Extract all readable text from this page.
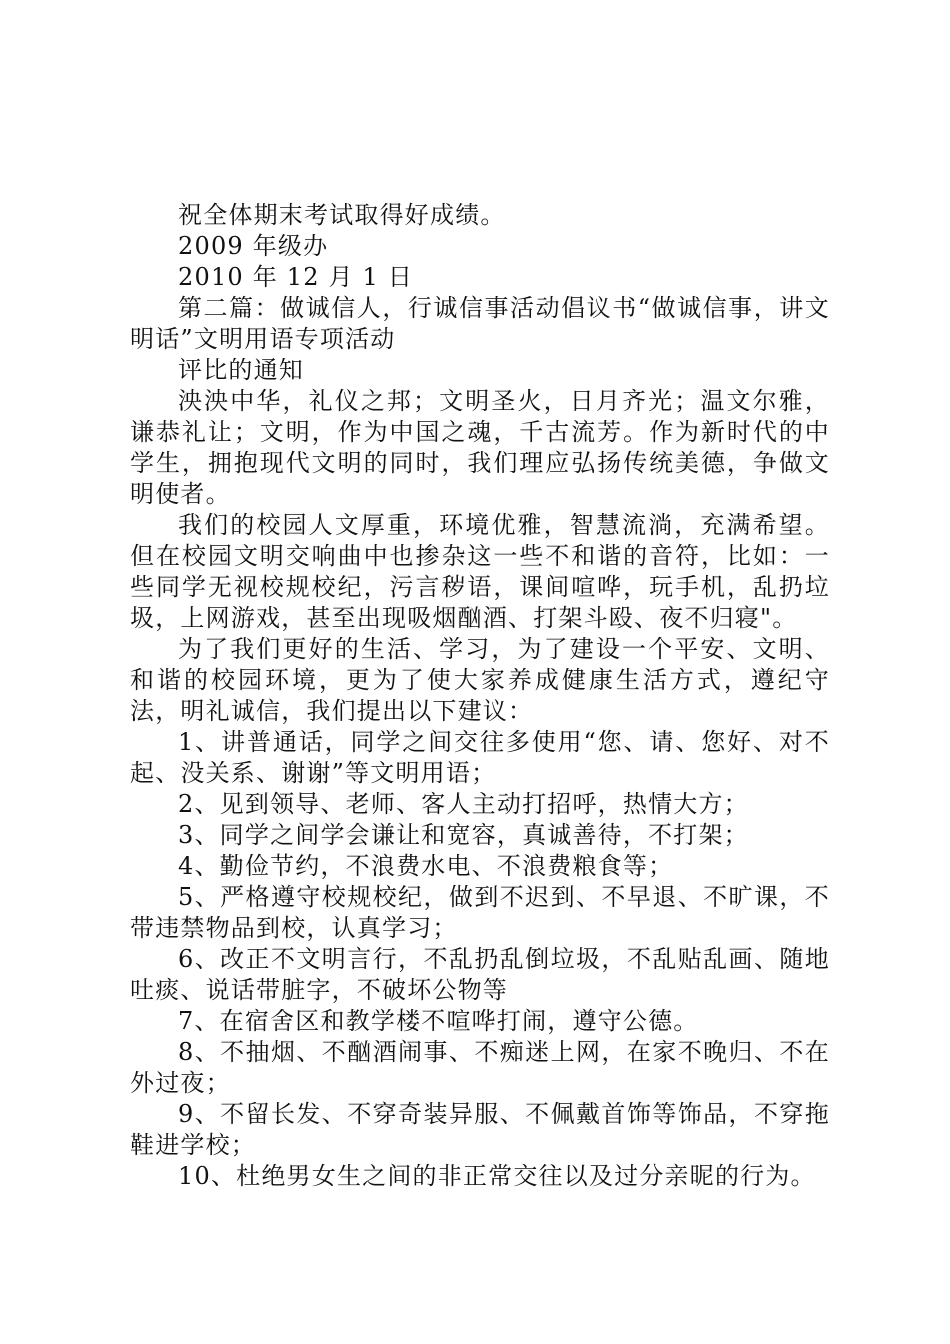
祝全体期末考试取得好成绩。
2009 年级办
2010 年 12 月 1 日

第二篇：做诚信人，行诚信事活动倡议书“做诚信事，讲文明话”文明用语专项活动

评比的通知

泱泱中华，礼仪之邦；文明圣火，日月齐光；温文尔雅，谦恭礼让；文明，作为中国之魂，千古流芳。作为新时代的中学生，拥抱现代文明的同时，我们理应弘扬传统美德，争做文明使者。

我们的校园人文厚重，环境优雅，智慧流淌，充满希望。但在校园文明交响曲中也掺杂这一些不和谐的音符，比如：一些同学无视校规校纪，污言秽语，课间喧哗，玩手机，乱扔垃圾，上网游戏，甚至出现吸烟酗酒、打架斗殴、夜不归寝"。

为了我们更好的生活、学习，为了建设一个平安、文明、和谐的校园环境，更为了使大家养成健康生活方式，遵纪守法，明礼诚信，我们提出以下建议：

1、讲普通话，同学之间交往多使用“您、请、您好、对不起、没关系、谢谢”等文明用语；

2、见到领导、老师、客人主动打招呼，热情大方；

3、同学之间学会谦让和宽容，真诚善待，不打架；

4、勤俭节约，不浪费水电、不浪费粮食等；

5、严格遵守校规校纪，做到不迟到、不早退、不旷课，不带违禁物品到校，认真学习；

6、改正不文明言行，不乱扔乱倒垃圾，不乱贴乱画、随地吐痰、说话带脏字，不破坏公物等

7、在宿舍区和教学楼不喧哗打闹，遵守公德。

8、不抽烟、不酗酒闹事、不痴迷上网，在家不晚归、不在外过夜；

9、不留长发、不穿奇装异服、不佩戴首饰等饰品，不穿拖鞋进学校；

10、杜绝男女生之间的非正常交往以及过分亲昵的行为。
